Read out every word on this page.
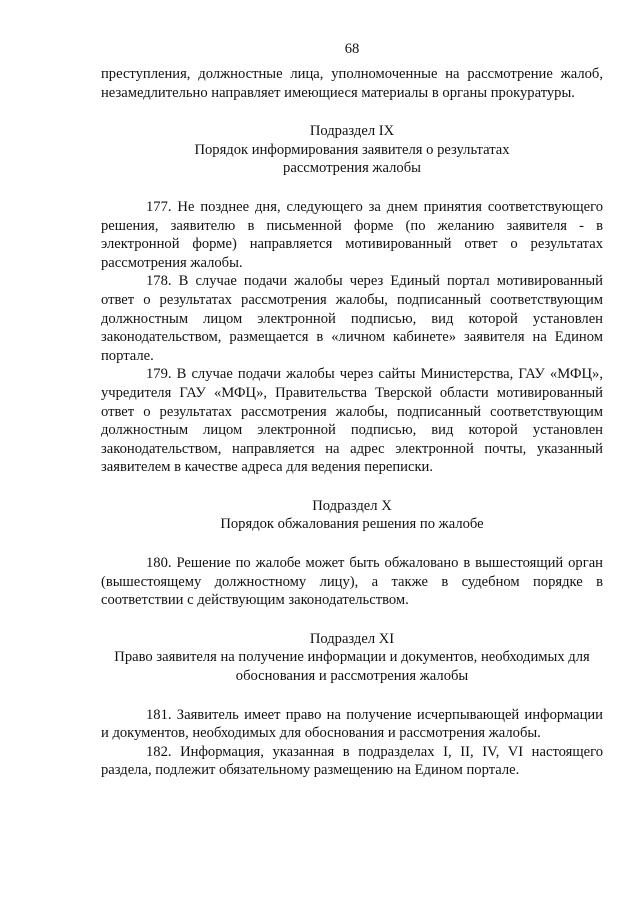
68

преступления, должностные лица, уполномоченные на рассмотрение жалоб, незамедлительно направляет имеющиеся материалы в органы прокуратуры.

Подраздел IX

Порядок информирования заявителя о результатах

рассмотрения жалобы

177. Не позднее дня, следующего за днем принятия соответствующего решения, заявителю в письменной форме (по желанию заявителя - в электронной форме) направляется мотивированный ответ о результатах рассмотрения жалобы.

178. В случае подачи жалобы через Единый портал мотивированный ответ о результатах рассмотрения жалобы, подписанный соответствующим должностным лицом электронной подписью, вид которой установлен законодательством, размещается в «личном кабинете» заявителя на Едином портале.

179. В случае подачи жалобы через сайты Министерства, ГАУ «МФЦ», учредителя ГАУ «МФЦ», Правительства Тверской области мотивированный ответ о результатах рассмотрения жалобы, подписанный соответствующим должностным лицом электронной подписью, вид которой установлен законодательством, направляется на адрес электронной почты, указанный заявителем в качестве адреса для ведения переписки.

Подраздел X

Порядок обжалования решения по жалобе

180. Решение по жалобе может быть обжаловано в вышестоящий орган (вышестоящему должностному лицу), а также в судебном порядке в соответствии с действующим законодательством.

Подраздел XI

Право заявителя на получение информации и документов, необходимых для

обоснования и рассмотрения жалобы

181. Заявитель имеет право на получение исчерпывающей информации и документов, необходимых для обоснования и рассмотрения жалобы.

182. Информация, указанная в подразделах I, II, IV, VI настоящего раздела, подлежит обязательному размещению на Едином портале.
